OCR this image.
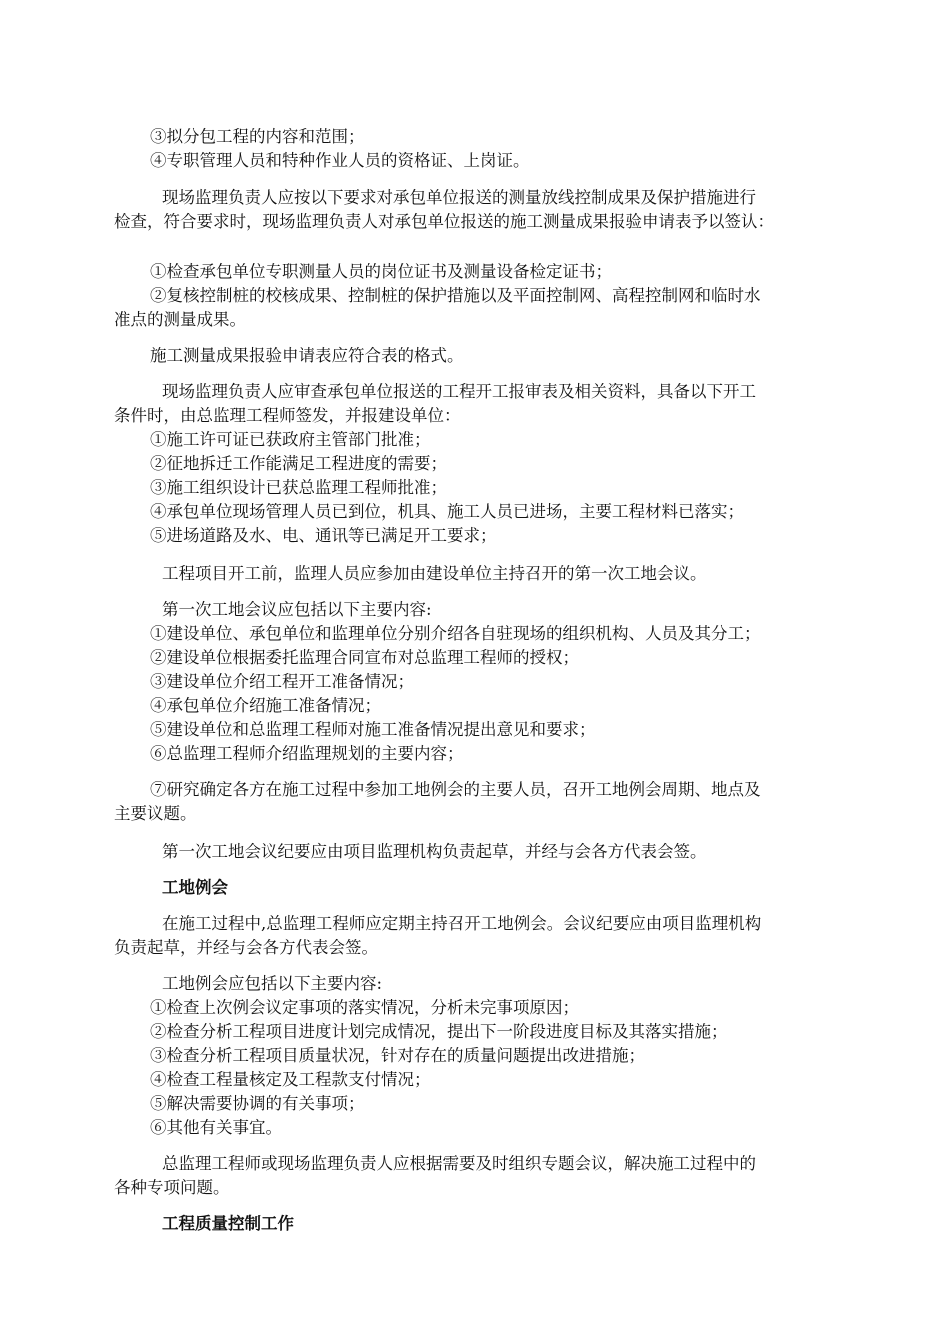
③拟分包工程的内容和范围；
④专职管理人员和特种作业人员的资格证、上岗证。
现场监理负责人应按以下要求对承包单位报送的测量放线控制成果及保护措施进行
检查，符合要求时，现场监理负责人对承包单位报送的施工测量成果报验申请表予以签认：
①检查承包单位专职测量人员的岗位证书及测量设备检定证书；
②复核控制桩的校核成果、控制桩的保护措施以及平面控制网、高程控制网和临时水
准点的测量成果。
施工测量成果报验申请表应符合表的格式。
现场监理负责人应审查承包单位报送的工程开工报审表及相关资料，具备以下开工
条件时，由总监理工程师签发，并报建设单位：
①施工许可证已获政府主管部门批准；
②征地拆迁工作能满足工程进度的需要；
③施工组织设计已获总监理工程师批准；
④承包单位现场管理人员已到位，机具、施工人员已进场，主要工程材料已落实；
⑤进场道路及水、电、通讯等已满足开工要求；
工程项目开工前，监理人员应参加由建设单位主持召开的第一次工地会议。
第一次工地会议应包括以下主要内容:
①建设单位、承包单位和监理单位分别介绍各自驻现场的组织机构、人员及其分工；
②建设单位根据委托监理合同宣布对总监理工程师的授权；
③建设单位介绍工程开工准备情况；
④承包单位介绍施工准备情况；
⑤建设单位和总监理工程师对施工准备情况提出意见和要求；
⑥总监理工程师介绍监理规划的主要内容；
⑦研究确定各方在施工过程中参加工地例会的主要人员，召开工地例会周期、地点及
主要议题。
第一次工地会议纪要应由项目监理机构负责起草，并经与会各方代表会签。
工地例会
在施工过程中,总监理工程师应定期主持召开工地例会。会议纪要应由项目监理机构
负责起草，并经与会各方代表会签。
工地例会应包括以下主要内容:
①检查上次例会议定事项的落实情况，分析未完事项原因；
②检查分析工程项目进度计划完成情况，提出下一阶段进度目标及其落实措施；
③检查分析工程项目质量状况，针对存在的质量问题提出改进措施；
④检查工程量核定及工程款支付情况；
⑤解决需要协调的有关事项；
⑥其他有关事宜。
总监理工程师或现场监理负责人应根据需要及时组织专题会议，解决施工过程中的
各种专项问题。
工程质量控制工作
